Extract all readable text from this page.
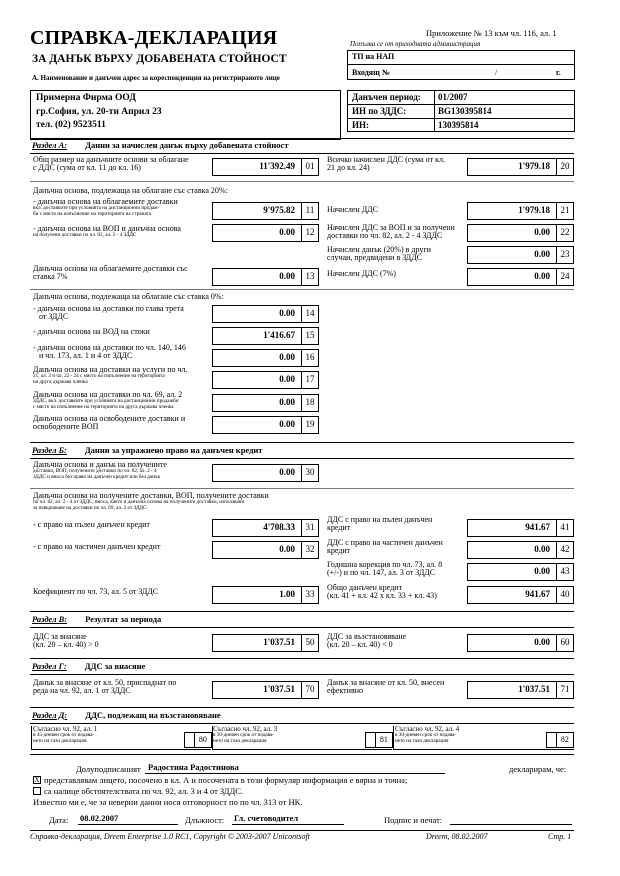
СПРАВКА-ДЕКЛАРАЦИЯ
ЗА ДАНЪК ВЪРХУ ДОБАВЕНАТА СТОЙНОСТ
Приложение № 13 към чл. 116, ал. 1
Попълва се от приходната администрация
ТП на НАП
Входящ №	/	г.
А. Наименование и данъчен адрес за кореспонденция на регистрираното лице
Примерна Фирма ООД
гр.София, ул. 20-ти Април 23
тел. (02) 9523511
Данъчен период: 01/2007
ИН по ЗДДС:	BG130395814
ИН:	130395814
Раздел А: Данни за начислен данък върху добавената стойност
Общ размер на данъчните основи за облагане
с ДДС (сума от кл. 11 до кл. 16)	11'392.49	01
Всичко начислен ДДС (сума от кл.
21 до кл. 24)	1'979.18	20
Данъчна основа, подлежаща на облагане със ставка 20%:
- данъчна основа на облагаемите доставки
вкл. доставките при условията на дистанционни продаж-
би с място на изпълнение на територията на страната	9'975.82	11	Начислен ДДС	1'979.18	21
- данъчна основа на ВОП и данъчна основа
на получени доставки по чл. 82, ал. 2 - 4 ЗДДС	0.00	12	Начислен ДДС за ВОП и за получени
доставки по чл. 82, ал. 2 - 4 ЗДДС	0.00	22
Начислен данък (20%) в други
случаи, предвидени в ЗДДС	0.00	23
Данъчна основа на облагаемите доставки със
ставка 7%	0.00	13	Начислен ДДС (7%)	0.00	24
Данъчна основа, подлежаща на облагане със ставка 0%:
- данъчна основа на доставки по глава трета
от ЗДДС	0.00	14
- данъчна основа на ВОД на стоки	1'416.67	15
- данъчна основа на доставки по чл. 140, 146
и чл. 173, ал. 1 и 4 от ЗДДС	0.00	16
Данъчна основа на доставки на услуги по чл.
21, ал. 3 и чл. 22 - 24 с място на изпълнение на територията
на друга държава членка	0.00	17
Данъчна основа на доставки по чл. 69, ал. 2
ЗДДС, вкл. доставките при условията на дистанционни продажби
с място на изпълнение на територията на друга държава членка	0.00	18
Данъчна основа на освободените доставки и
освободените ВОП	0.00	19
Раздел Б: Данни за упражнено право на данъчен кредит
Данъчна основа и данък на получените
доставки, ВОП, получените доставки по чл. 82, ал. 2 - 4
ЗДДС и вноса без право на данъчен кредит или без данък	0.00	30
Данъчна основа на получените доставки, ВОП, получените доставки
по чл. 82, ал. 2 - 4 от ЗДДС, вноса, както и данъчна основа на получените доставки, използвани
за извършване на доставки по чл. 69, ал. 2 от ЗДДС:
- с право на пълен данъчен кредит	4'708.33	31
ДДС с право на пълен данъчен
кредит	941.67	41
- с право на частичен данъчен кредит	0.00	32
ДДС с право на частичен данъчен
кредит	0.00	42
Годишна корекция по чл. 73, ал. 8
(+/-) и по чл. 147, ал. 3 от ЗДДС	0.00	43
Коефициент по чл. 73, ал. 5 от ЗДДС	1.00	33
Общо данъчен кредит
(кл. 41 + кл. 42 x кл. 33 + кл. 43)	941.67	40
Раздел В: Резултат за периода
ДДС за внасяне
(кл. 20 – кл. 40) > 0	1'037.51	50
ДДС за възстановяване
(кл. 20 – кл. 40) < 0	0.00	60
Раздел Г: ДДС за внасяне
Данък за внасяне от кл. 50, приспаднат по
реда на чл. 92, ал. 1 от ЗДДС	1'037.51	70
Данък за внасяне от кл. 50, внесен
ефективно	1'037.51	71
Раздел Д: ДДС, подлежащ на възстановяване
Съгласно чл. 92, ал. 1
в 45-дневен срок от подава-
нето на тази декларация	80
Съгласно чл. 92, ал. 3
в 30-дневен срок от подава-
нето на тази декларация	81
Съгласно чл. 92, ал. 4
в 30-дневен срок от подава-
нето на тази декларация	82
Долуподписаният Радостина Радостинова	декларирам, че:
X представлявам лицето, посочено в кл. А и посочената в този формуляр информация е вярна и точна;
са налице обстоятелствата по чл. 92, ал. 3 и 4 от ЗДДС.
Известно ми е, че за неверни данни нося отговорност по по чл. 313 от НК.
Дата: 08.02.2007	Длъжност: Гл. счетоводител	Подпис и печат:
Справка-декларация, Dreem Enterprise 1.0 RC1, Copyright © 2003-2007 Unicontsoft	Dreem, 08.02.2007	Стр. 1
